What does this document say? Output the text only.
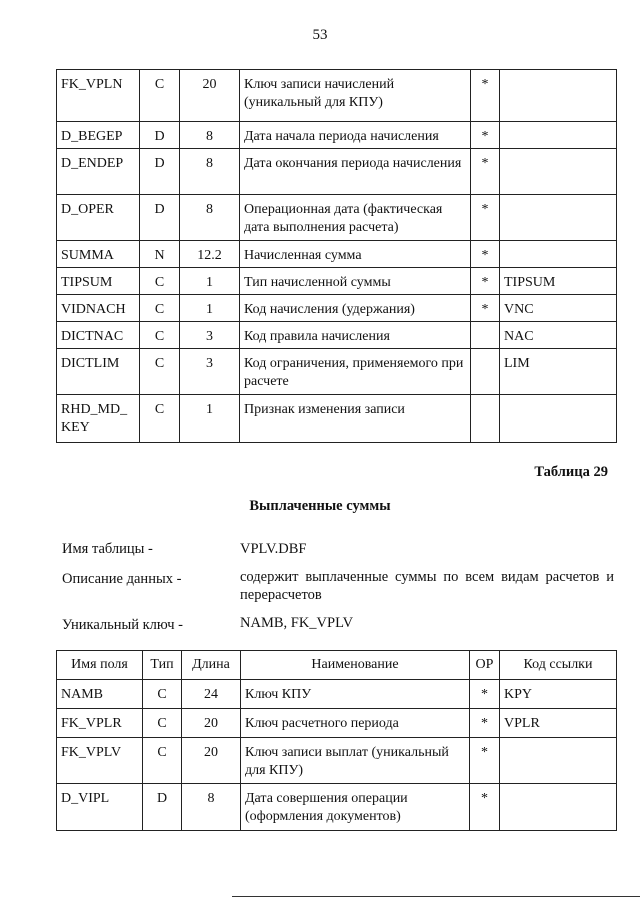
53
FK_VPLN	C	20	Ключ записи начислений (уникальный для КПУ)	*	
D_BEGEP	D	8	Дата начала периода начисления	*	
D_ENDEP	D	8	Дата окончания периода начисления	*	
D_OPER	D	8	Операционная дата (фактическая дата выполнения расчета)	*	
SUMMA	N	12.2	Начисленная сумма	*	
TIPSUM	C	1	Тип начисленной суммы	*	TIPSUM
VIDNACH	C	1	Код начисления (удержания)	*	VNC
DICTNAC	C	3	Код правила начисления		NAC
DICTLIM	C	3	Код ограничения, применяемого при расчете		LIM
RHD_MD_ KEY	C	1	Признак изменения записи		
Таблица 29
Выплаченные суммы
Имя таблицы -	VPLV.DBF
Описание данных -	содержит выплаченные суммы по всем видам расчетов и перерасчетов
Уникальный ключ -	NAMB, FK_VPLV
Имя поля	Тип	Длина	Наименование	ОР	Код ссылки
NAMB	C	24	Ключ КПУ	*	KPY
FK_VPLR	C	20	Ключ расчетного периода	*	VPLR
FK_VPLV	C	20	Ключ записи выплат (уникальный для КПУ)	*	
D_VIPL	D	8	Дата совершения операции (оформления документов)	*	
